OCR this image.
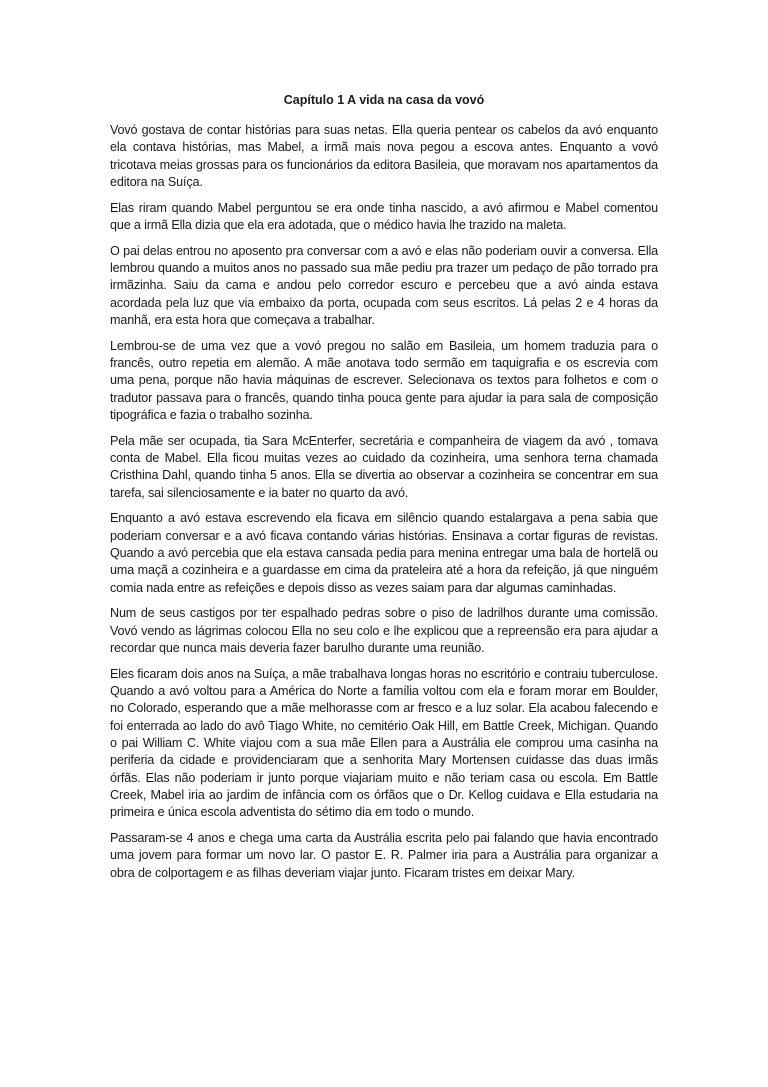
Capítulo 1 A vida na casa da vovó

Vovó gostava de contar histórias para suas netas. Ella queria pentear os cabelos da avó enquanto ela contava histórias, mas Mabel, a irmã mais nova pegou a escova antes. Enquanto a vovó tricotava meias grossas para os funcionários da editora Basileia, que moravam nos apartamentos da editora na Suíça.

Elas riram quando Mabel perguntou se era onde tinha nascido, a avó afirmou e Mabel comentou que a irmã Ella dizia que ela era adotada, que o médico havia lhe trazido na maleta.

O pai delas entrou no aposento pra conversar com a avó e elas não poderiam ouvir a conversa. Ella lembrou quando a muitos anos no passado sua mãe pediu pra trazer um pedaço de pão torrado pra irmãzinha. Saiu da cama e andou pelo corredor escuro e percebeu que a avó ainda estava acordada pela luz que via embaixo da porta, ocupada com seus escritos. Lá pelas 2 e 4 horas da manhã, era esta hora que começava a trabalhar.

Lembrou-se de uma vez que a vovó pregou no salão em Basileia, um homem traduzia para o francês, outro repetia em alemão. A mãe anotava todo sermão em taquigrafia e os escrevia com uma pena, porque não havia máquinas de escrever. Selecionava os textos para folhetos e com o tradutor passava para o francês, quando tinha pouca gente para ajudar ia para sala de composição tipográfica e fazia o trabalho sozinha.

Pela mãe ser ocupada, tia Sara McEnterfer, secretária e companheira de viagem da avó , tomava conta de Mabel. Ella ficou muitas vezes ao cuidado da cozinheira, uma senhora terna chamada Cristhina Dahl, quando tinha 5 anos. Ella se divertia ao observar a cozinheira se concentrar em sua tarefa, sai silenciosamente e ia bater no quarto da avó.

Enquanto a avó estava escrevendo ela ficava em silêncio quando estalargava a pena sabia que poderiam conversar e a avó ficava contando várias histórias. Ensinava a cortar figuras de revistas. Quando a avó percebia que ela estava cansada pedia para menina entregar uma bala de hortelã ou uma maçã a cozinheira e a guardasse em cima da prateleira até a hora da refeição, já que ninguém comia nada entre as refeições e depois disso as vezes saiam para dar algumas caminhadas.

Num de seus castigos por ter espalhado pedras sobre o piso de ladrilhos durante uma comissão. Vovó vendo as lágrimas colocou Ella no seu colo e lhe explicou que a repreensão era para ajudar a recordar que nunca mais deveria fazer barulho durante uma reunião.

Eles ficaram dois anos na Suíça, a mãe trabalhava longas horas no escritório e contraiu tuberculose. Quando a avó voltou para a América do Norte a família voltou com ela e foram morar em Boulder, no Colorado, esperando que a mãe melhorasse com ar fresco e a luz solar. Ela acabou falecendo e foi enterrada ao lado do avô Tiago White, no cemitério Oak Hill, em Battle Creek, Michigan. Quando o pai William C. White viajou com a sua mãe Ellen para a Austrália ele comprou uma casinha na periferia da cidade e providenciaram que a senhorita Mary Mortensen cuidasse das duas irmãs órfãs. Elas não poderiam ir junto porque viajariam muito e não teriam casa ou escola. Em Battle Creek, Mabel iria ao jardim de infância com os órfãos que o Dr. Kellog cuidava e Ella estudaria na primeira e única escola adventista do sétimo dia em todo o mundo.

Passaram-se 4 anos e chega uma carta da Austrália escrita pelo pai falando que havia encontrado uma jovem para formar um novo lar. O pastor E. R. Palmer iria para a Austrália para organizar a obra de colportagem e as filhas deveriam viajar junto. Ficaram tristes em deixar Mary.
